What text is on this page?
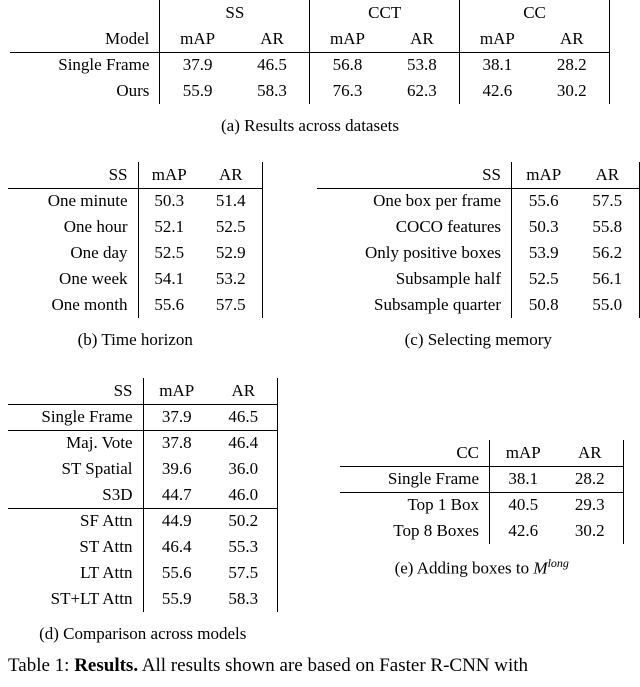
	SS		CCT		CC	
Model	mAP	AR	mAP	AR	mAP	AR
Single Frame	37.9	46.5	56.8	53.8	38.1	28.2
Ours	55.9	58.3	76.3	62.3	42.6	30.2
(a) Results across datasets
SS	mAP	AR
One minute	50.3	51.4
One hour	52.1	52.5
One day	52.5	52.9
One week	54.1	53.2
One month	55.6	57.5
(b) Time horizon
SS	mAP	AR
One box per frame	55.6	57.5
COCO features	50.3	55.8
Only positive boxes	53.9	56.2
Subsample half	52.5	56.1
Subsample quarter	50.8	55.0
(c) Selecting memory
SS	mAP	AR
Single Frame	37.9	46.5
Maj. Vote	37.8	46.4
ST Spatial	39.6	36.0
S3D	44.7	46.0
SF Attn	44.9	50.2
ST Attn	46.4	55.3
LT Attn	55.6	57.5
ST+LT Attn	55.9	58.3
(d) Comparison across models
CC	mAP	AR
Single Frame	38.1	28.2
Top 1 Box	40.5	29.3
Top 8 Boxes	42.6	30.2
(e) Adding boxes to $M^{long}$
Table 1: Results. All results shown are based on Faster R-CNN with
